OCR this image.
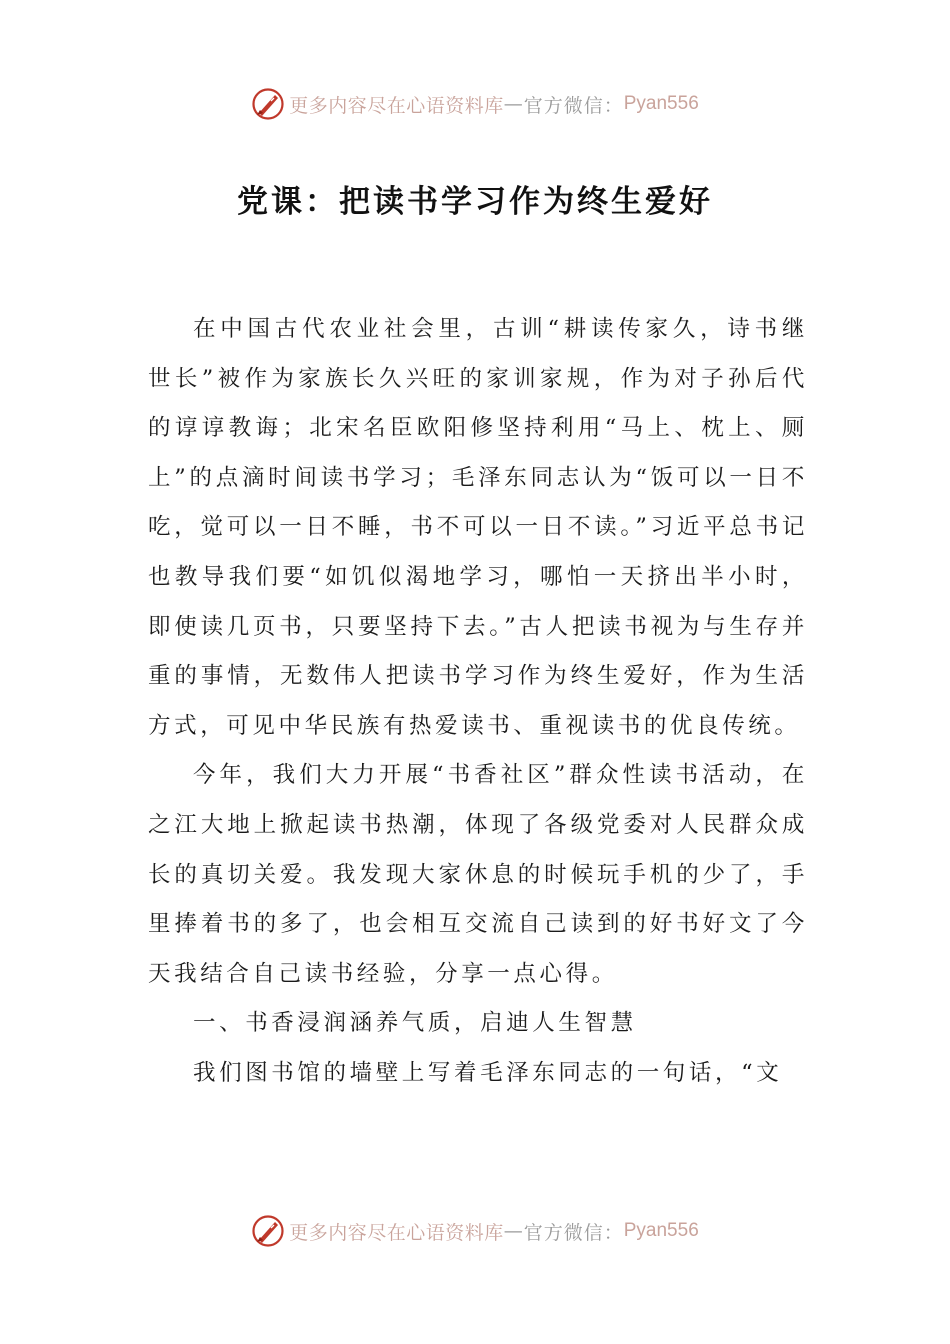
更多内容尽在心语资料库 — 官方微信： Pyan556
党课：把读书学习作为终生爱好

在中国古代农业社会里，古训“耕读传家久，诗书继世长”被作为家族长久兴旺的家训家规，作为对子孙后代的谆谆教诲；北宋名臣欧阳修坚持利用“马上、枕上、厕上”的点滴时间读书学习；毛泽东同志认为“饭可以一日不吃，觉可以一日不睡，书不可以一日不读。”习近平总书记也教导我们要“如饥似渴地学习，哪怕一天挤出半小时，即使读几页书，只要坚持下去。”古人把读书视为与生存并重的事情，无数伟人把读书学习作为终生爱好，作为生活方式，可见中华民族有热爱读书、重视读书的优良传统。

今年，我们大力开展“书香社区”群众性读书活动，在之江大地上掀起读书热潮，体现了各级党委对人民群众成长的真切关爱。我发现大家休息的时候玩手机的少了，手里捧着书的多了，也会相互交流自己读到的好书好文了今天我结合自己读书经验，分享一点心得。

一、书香浸润涵养气质，启迪人生智慧

我们图书馆的墙壁上写着毛泽东同志的一句话，“文

更多内容尽在心语资料库 — 官方微信： Pyan556
